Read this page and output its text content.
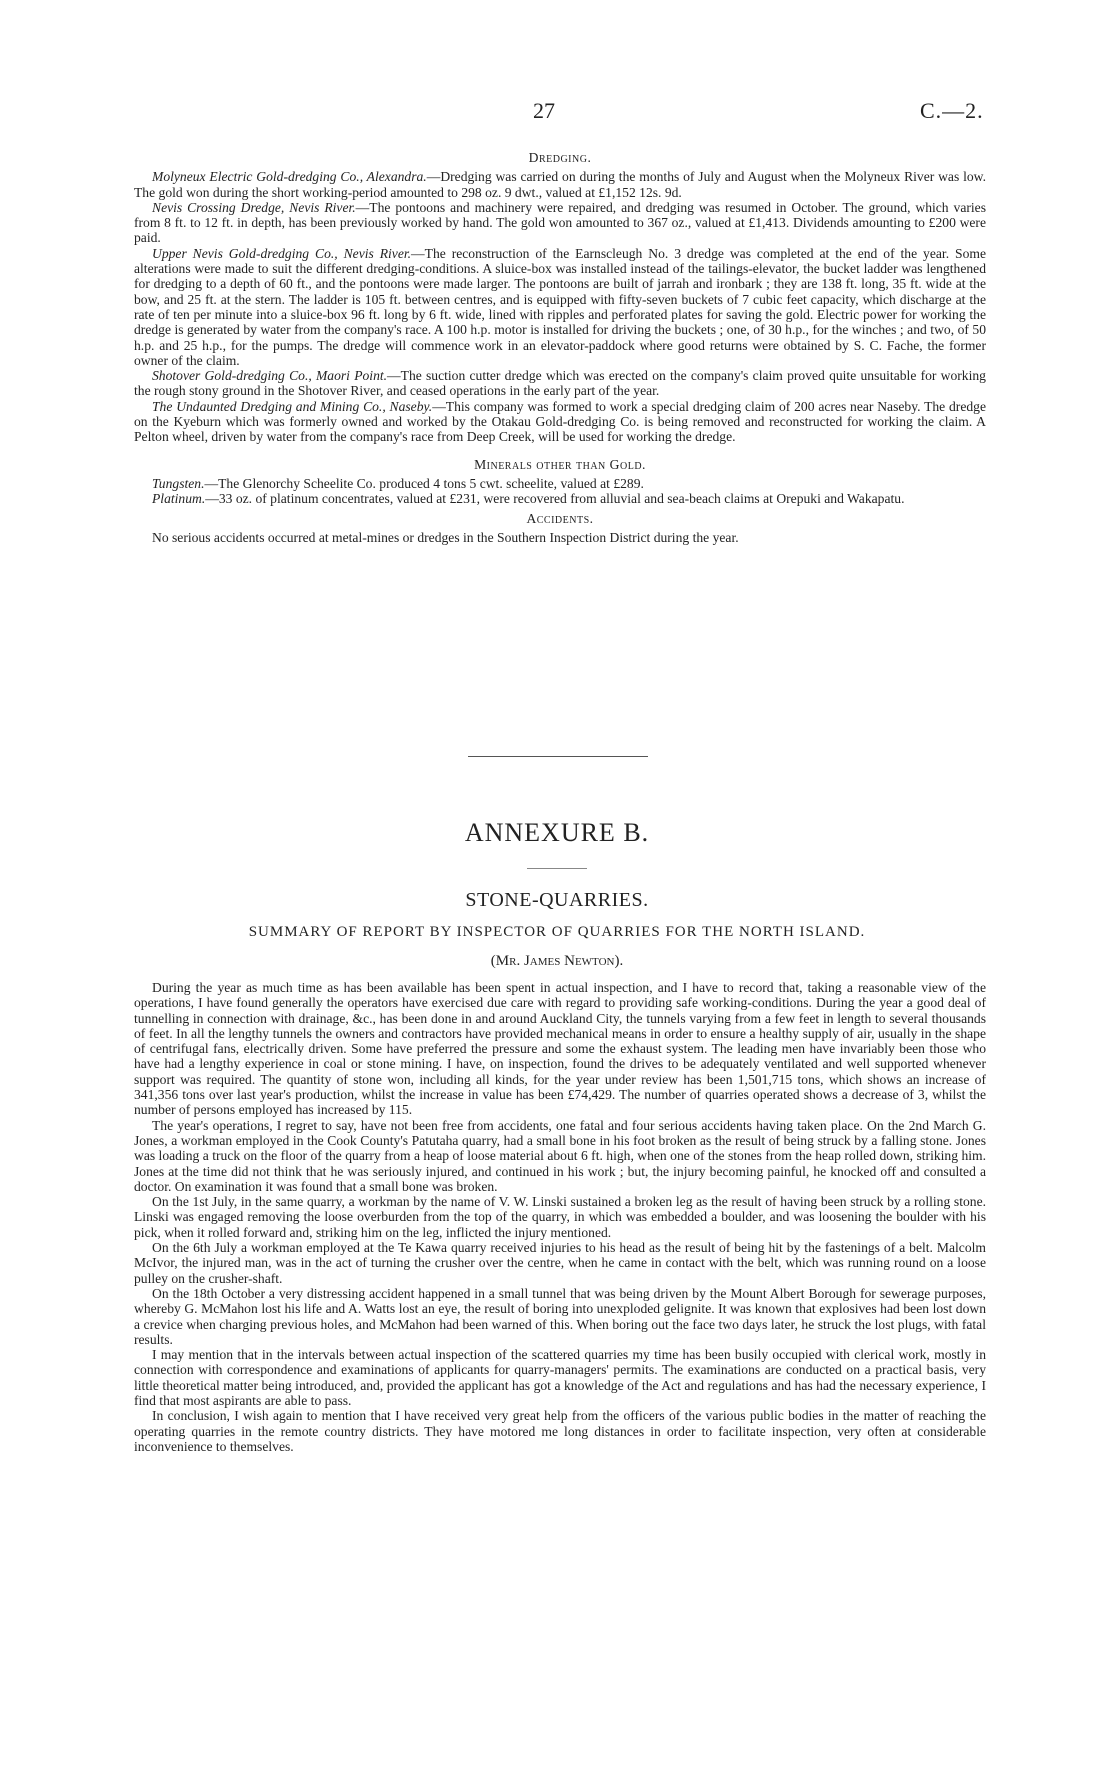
27	C.—2.
Dredging.

Molyneux Electric Gold-dredging Co., Alexandra.—Dredging was carried on during the months of July and August when the Molyneux River was low. The gold won during the short working-period amounted to 298 oz. 9 dwt., valued at £1,152 12s. 9d.

Nevis Crossing Dredge, Nevis River.—The pontoons and machinery were repaired, and dredging was resumed in October. The ground, which varies from 8 ft. to 12 ft. in depth, has been previously worked by hand. The gold won amounted to 367 oz., valued at £1,413. Dividends amounting to £200 were paid.

Upper Nevis Gold-dredging Co., Nevis River.—The reconstruction of the Earnscleugh No. 3 dredge was completed at the end of the year. Some alterations were made to suit the different dredging-conditions. A sluice-box was installed instead of the tailings-elevator, the bucket ladder was lengthened for dredging to a depth of 60 ft., and the pontoons were made larger. The pontoons are built of jarrah and ironbark ; they are 138 ft. long, 35 ft. wide at the bow, and 25 ft. at the stern. The ladder is 105 ft. between centres, and is equipped with fifty-seven buckets of 7 cubic feet capacity, which discharge at the rate of ten per minute into a sluice-box 96 ft. long by 6 ft. wide, lined with ripples and perforated plates for saving the gold. Electric power for working the dredge is generated by water from the company's race. A 100 h.p. motor is installed for driving the buckets ; one, of 30 h.p., for the winches ; and two, of 50 h.p. and 25 h.p., for the pumps. The dredge will commence work in an elevator-paddock where good returns were obtained by S. C. Fache, the former owner of the claim.

Shotover Gold-dredging Co., Maori Point.—The suction cutter dredge which was erected on the company's claim proved quite unsuitable for working the rough stony ground in the Shotover River, and ceased operations in the early part of the year.

The Undaunted Dredging and Mining Co., Naseby.—This company was formed to work a special dredging claim of 200 acres near Naseby. The dredge on the Kyeburn which was formerly owned and worked by the Otakau Gold-dredging Co. is being removed and reconstructed for working the claim. A Pelton wheel, driven by water from the company's race from Deep Creek, will be used for working the dredge.

Minerals other than Gold.

Tungsten.—The Glenorchy Scheelite Co. produced 4 tons 5 cwt. scheelite, valued at £289.

Platinum.—33 oz. of platinum concentrates, valued at £231, were recovered from alluvial and sea-beach claims at Orepuki and Wakapatu.

Accidents.

No serious accidents occurred at metal-mines or dredges in the Southern Inspection District during the year.

ANNEXURE B.
STONE-QUARRIES.
SUMMARY OF REPORT BY INSPECTOR OF QUARRIES FOR THE NORTH ISLAND.
(Mr. James Newton).

During the year as much time as has been available has been spent in actual inspection, and I have to record that, taking a reasonable view of the operations, I have found generally the operators have exercised due care with regard to providing safe working-conditions. During the year a good deal of tunnelling in connection with drainage, &c., has been done in and around Auckland City, the tunnels varying from a few feet in length to several thousands of feet. In all the lengthy tunnels the owners and contractors have provided mechanical means in order to ensure a healthy supply of air, usually in the shape of centrifugal fans, electrically driven. Some have preferred the pressure and some the exhaust system. The leading men have invariably been those who have had a lengthy experience in coal or stone mining. I have, on inspection, found the drives to be adequately ventilated and well supported whenever support was required. The quantity of stone won, including all kinds, for the year under review has been 1,501,715 tons, which shows an increase of 341,356 tons over last year's production, whilst the increase in value has been £74,429. The number of quarries operated shows a decrease of 3, whilst the number of persons employed has increased by 115.

The year's operations, I regret to say, have not been free from accidents, one fatal and four serious accidents having taken place. On the 2nd March G. Jones, a workman employed in the Cook County's Patutaha quarry, had a small bone in his foot broken as the result of being struck by a falling stone. Jones was loading a truck on the floor of the quarry from a heap of loose material about 6 ft. high, when one of the stones from the heap rolled down, striking him. Jones at the time did not think that he was seriously injured, and continued in his work ; but, the injury becoming painful, he knocked off and consulted a doctor. On examination it was found that a small bone was broken.

On the 1st July, in the same quarry, a workman by the name of V. W. Linski sustained a broken leg as the result of having been struck by a rolling stone. Linski was engaged removing the loose overburden from the top of the quarry, in which was embedded a boulder, and was loosening the boulder with his pick, when it rolled forward and, striking him on the leg, inflicted the injury mentioned.

On the 6th July a workman employed at the Te Kawa quarry received injuries to his head as the result of being hit by the fastenings of a belt. Malcolm McIvor, the injured man, was in the act of turning the crusher over the centre, when he came in contact with the belt, which was running round on a loose pulley on the crusher-shaft.

On the 18th October a very distressing accident happened in a small tunnel that was being driven by the Mount Albert Borough for sewerage purposes, whereby G. McMahon lost his life and A. Watts lost an eye, the result of boring into unexploded gelignite. It was known that explosives had been lost down a crevice when charging previous holes, and McMahon had been warned of this. When boring out the face two days later, he struck the lost plugs, with fatal results.

I may mention that in the intervals between actual inspection of the scattered quarries my time has been busily occupied with clerical work, mostly in connection with correspondence and examinations of applicants for quarry-managers' permits. The examinations are conducted on a practical basis, very little theoretical matter being introduced, and, provided the applicant has got a knowledge of the Act and regulations and has had the necessary experience, I find that most aspirants are able to pass.

In conclusion, I wish again to mention that I have received very great help from the officers of the various public bodies in the matter of reaching the operating quarries in the remote country districts. They have motored me long distances in order to facilitate inspection, very often at considerable inconvenience to themselves.
